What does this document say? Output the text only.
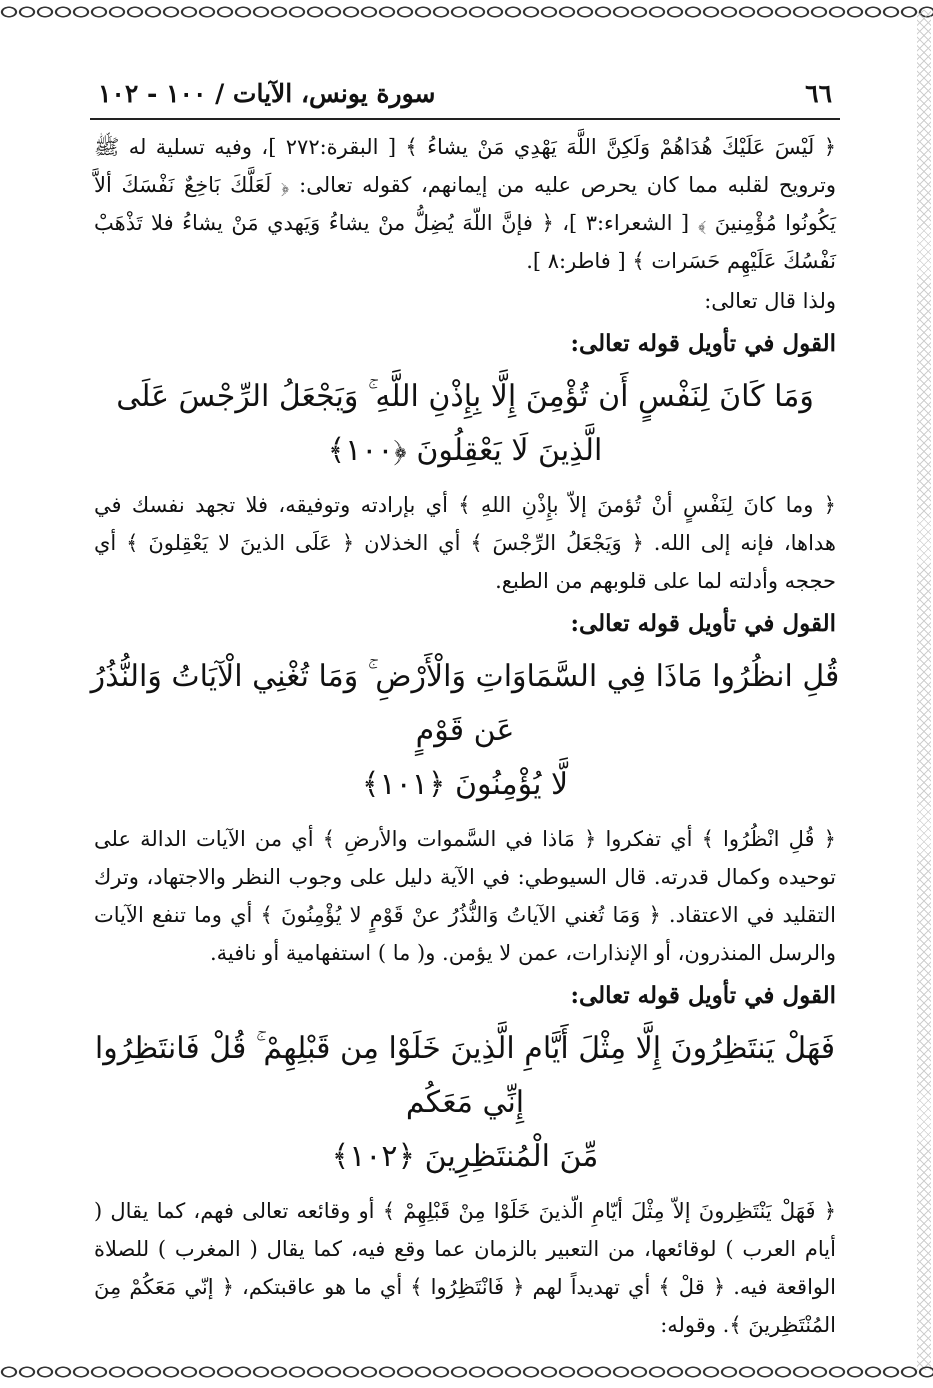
٦٦
سورة يونس، الآيات / ١٠٠ - ١٠٢
﴿ لَيْسَ عَلَيْكَ هُدَاهُمْ وَلَكِنَّ اللَّهَ يَهْدِي مَنْ يشاءُ ﴾ [ البقرة:٢٧٢ ]، وفيه تسلية له ﷺ وترويح لقلبه مما كان يحرص عليه من إيمانهم، كقوله تعالى: ﴿ لَعَلَّكَ بَاخِعٌ نَفْسَكَ ألاَّ يَكُونُوا مُؤْمِنينَ ﴾ [ الشعراء:٣ ]، ﴿ فإنَّ اللّهَ يُضِلُّ منْ يشاءُ وَيَهدي مَنْ يشاءُ فلا تَذْهَبْ نَفْسُكَ عَلَيْهِم حَسَرات ﴾ [ فاطر:٨ ].
ولذا قال تعالى:
القول في تأويل قوله تعالى:
وَمَا كَانَ لِنَفْسٍ أَن تُؤْمِنَ إِلَّا بِإِذْنِ اللَّهِ ۚ وَيَجْعَلُ الرِّجْسَ عَلَى الَّذِينَ لَا يَعْقِلُونَ ﴿١٠٠﴾
﴿ وما كانَ لِنَفْسٍ أنْ تُؤمنَ إلاّ بإِذْنِ اللهِ ﴾ أي بإرادته وتوفيقه، فلا تجهد نفسك في هداها، فإنه إلى الله. ﴿ وَيَجْعَلُ الرِّجْسَ ﴾ أي الخذلان ﴿ عَلَى الذينَ لا يَعْقِلونَ ﴾ أي حججه وأدلته لما على قلوبهم من الطبع.
القول في تأويل قوله تعالى:
قُلِ انظُرُوا مَاذَا فِي السَّمَاوَاتِ وَالْأَرْضِ ۚ وَمَا تُغْنِي الْآيَاتُ وَالنُّذُرُ عَن قَوْمٍ
لَّا يُؤْمِنُونَ ﴿١٠١﴾
﴿ قُلِ انْظُرُوا ﴾ أي تفكروا ﴿ مَاذا في السَّموات والأرضِ ﴾ أي من الآيات الدالة على توحيده وكمال قدرته. قال السيوطي: في الآية دليل على وجوب النظر والاجتهاد، وترك التقليد في الاعتقاد. ﴿ وَمَا تُغني الآياتُ وَالنُّذُرُ عنْ قَوْمٍ لا يُؤْمِنُونَ ﴾ أي وما تنفع الآيات والرسل المنذرون، أو الإنذارات، عمن لا يؤمن. و( ما ) استفهامية أو نافية.
القول في تأويل قوله تعالى:
فَهَلْ يَنتَظِرُونَ إِلَّا مِثْلَ أَيَّامِ الَّذِينَ خَلَوْا مِن قَبْلِهِمْ ۚ قُلْ فَانتَظِرُوا إِنِّي مَعَكُم
مِّنَ الْمُنتَظِرِينَ ﴿١٠٢﴾
﴿ فَهَلْ يَنْتَظِرونَ إلاّ مِثْلَ أيّامِ الّذينَ خَلَوْا مِنْ قَبْلِهِمْ ﴾ أو وقائعه تعالى فهم، كما يقال ( أيام العرب ) لوقائعها، من التعبير بالزمان عما وقع فيه، كما يقال ( المغرب ) للصلاة الواقعة فيه. ﴿ قلْ ﴾ أي تهديداً لهم ﴿ فَانْتَظِرُوا ﴾ أي ما هو عاقبتكم، ﴿ إنّي مَعَكُمْ مِنَ المُنْتَظِرينَ ﴾. وقوله:
